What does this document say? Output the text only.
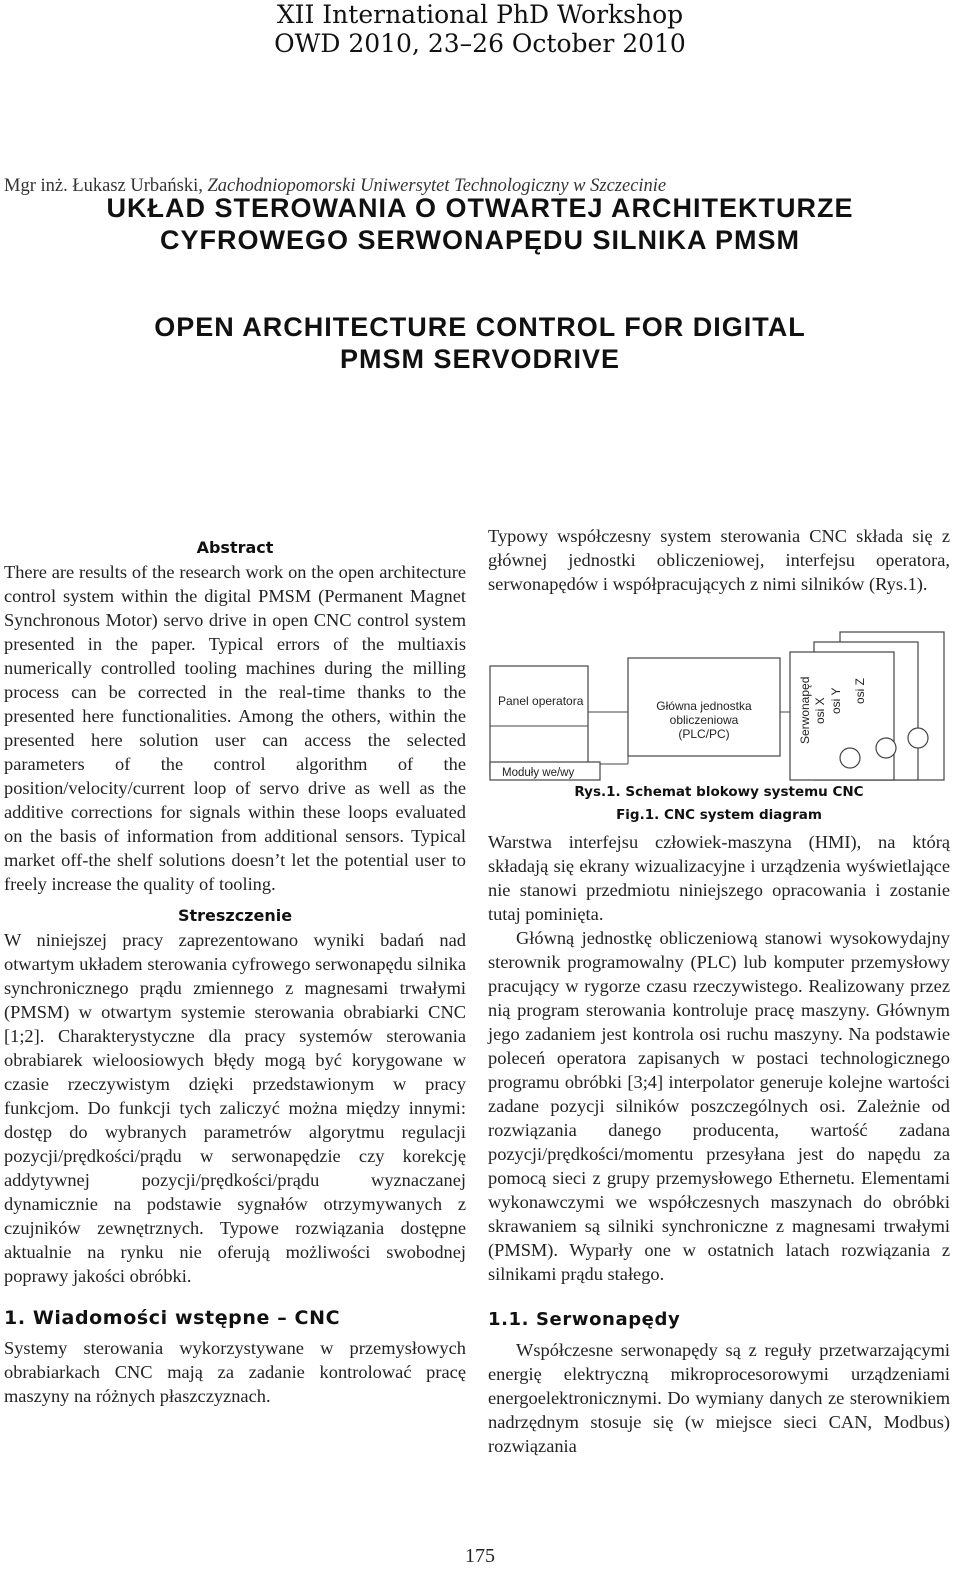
XII International PhD Workshop
OWD 2010, 23–26 October 2010
UKŁAD STEROWANIA O OTWARTEJ ARCHITEKTURZE
CYFROWEGO SERWONAPĘDU SILNIKA PMSM
OPEN ARCHITECTURE CONTROL FOR DIGITAL
PMSM SERVODRIVE
Mgr inż. Łukasz Urbański, Zachodniopomorski Uniwersytet Technologiczny w Szczecinie
Abstract

There are results of the research work on the open architecture control system within the digital PMSM (Permanent Magnet Synchronous Motor) servo drive in open CNC control system presented in the paper. Typical errors of the multiaxis numerically controlled tooling machines during the milling process can be corrected in the real-time thanks to the presented here functionalities. Among the others, within the presented here solution user can access the selected parameters of the control algorithm of the position/velocity/current loop of servo drive as well as the additive corrections for signals within these loops evaluated on the basis of information from additional sensors. Typical market off-the shelf solutions doesn’t let the potential user to freely increase the quality of tooling.

Streszczenie

W niniejszej pracy zaprezentowano wyniki badań nad otwartym układem sterowania cyfrowego serwonapędu silnika synchronicznego prądu zmiennego z magnesami trwałymi (PMSM) w otwartym systemie sterowania obrabiarki CNC [1;2]. Charakterystyczne dla pracy systemów sterowania obrabiarek wieloosiowych błędy mogą być korygowane w czasie rzeczywistym dzięki przedstawionym w pracy funkcjom. Do funkcji tych zaliczyć można między innymi: dostęp do wybranych parametrów algorytmu regulacji pozycji/prędkości/prądu w serwonapędzie czy korekcję addytywnej pozycji/prędkości/prądu wyznaczanej dynamicznie na podstawie sygnałów otrzymywanych z czujników zewnętrznych. Typowe rozwiązania dostępne aktualnie na rynku nie oferują możliwości swobodnej poprawy jakości obróbki.

1. Wiadomości wstępne – CNC

Systemy sterowania wykorzystywane w przemysłowych obrabiarkach CNC mają za zadanie kontrolować pracę maszyny na różnych płaszczyznach.

Typowy współczesny system sterowania CNC składa się z głównej jednostki obliczeniowej, interfejsu operatora, serwonapędów i współpracujących z nimi silników (Rys.1).

Serwonapęd osi X osi Y osi Z
Panel operatora	Główna jednostka
obliczeniowa
(PLC/PC)
Moduły we/wy
Rys.1. Schemat blokowy systemu CNC
Fig.1. CNC system diagram

Warstwa interfejsu człowiek-maszyna (HMI), na którą składają się ekrany wizualizacyjne i urządzenia wyświetlające nie stanowi przedmiotu niniejszego opracowania i zostanie tutaj pominięta.

Główną jednostkę obliczeniową stanowi wysokowydajny sterownik programowalny (PLC) lub komputer przemysłowy pracujący w rygorze czasu rzeczywistego. Realizowany przez nią program sterowania kontroluje pracę maszyny. Głównym jego zadaniem jest kontrola osi ruchu maszyny. Na podstawie poleceń operatora zapisanych w postaci technologicznego programu obróbki [3;4] interpolator generuje kolejne wartości zadane pozycji silników poszczególnych osi. Zależnie od rozwiązania danego producenta, wartość zadana pozycji/prędkości/momentu przesyłana jest do napędu za pomocą sieci z grupy przemysłowego Ethernetu. Elementami wykonawczymi we współczesnych maszynach do obróbki skrawaniem są silniki synchroniczne z magnesami trwałymi (PMSM). Wyparły one w ostatnich latach rozwiązania z silnikami prądu stałego.

1.1. Serwonapędy

Współczesne serwonapędy są z reguły przetwarzającymi energię elektryczną mikroprocesorowymi urządzeniami energoelektronicznymi. Do wymiany danych ze sterownikiem nadrzędnym stosuje się (w miejsce sieci CAN, Modbus) rozwiązania

175
